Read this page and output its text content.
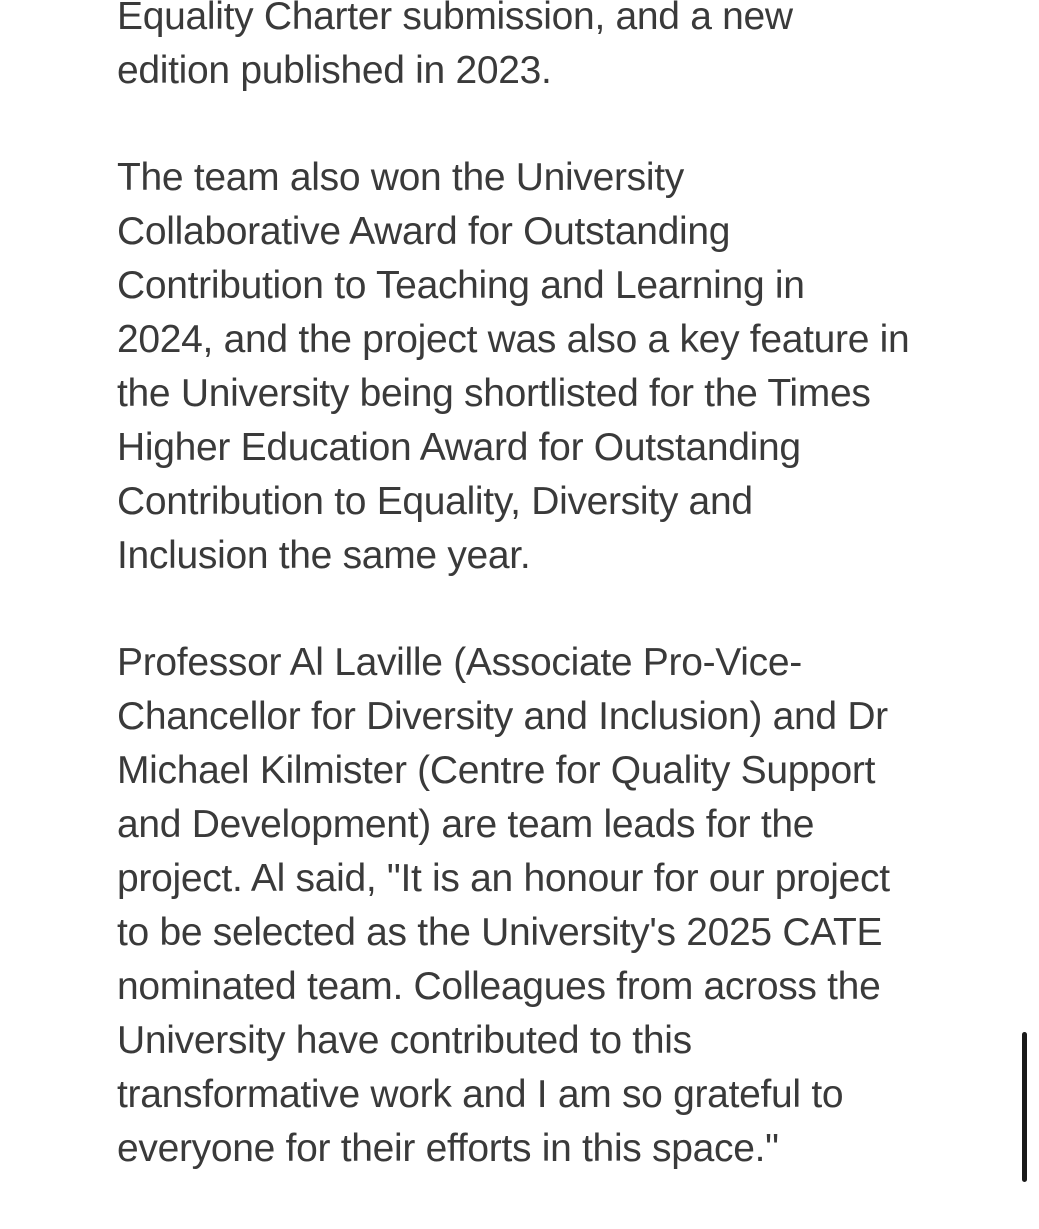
Equality Charter submission, and a new
edition published in 2023.

The team also won the University
Collaborative Award for Outstanding
Contribution to Teaching and Learning in
2024, and the project was also a key feature in
the University being shortlisted for the Times
Higher Education Award for Outstanding
Contribution to Equality, Diversity and
Inclusion the same year.

Professor Al Laville (Associate Pro-Vice-
Chancellor for Diversity and Inclusion) and Dr
Michael Kilmister (Centre for Quality Support
and Development) are team leads for the
project. Al said, "It is an honour for our project
to be selected as the University's 2025 CATE
nominated team. Colleagues from across the
University have contributed to this
transformative work and I am so grateful to
everyone for their efforts in this space."
